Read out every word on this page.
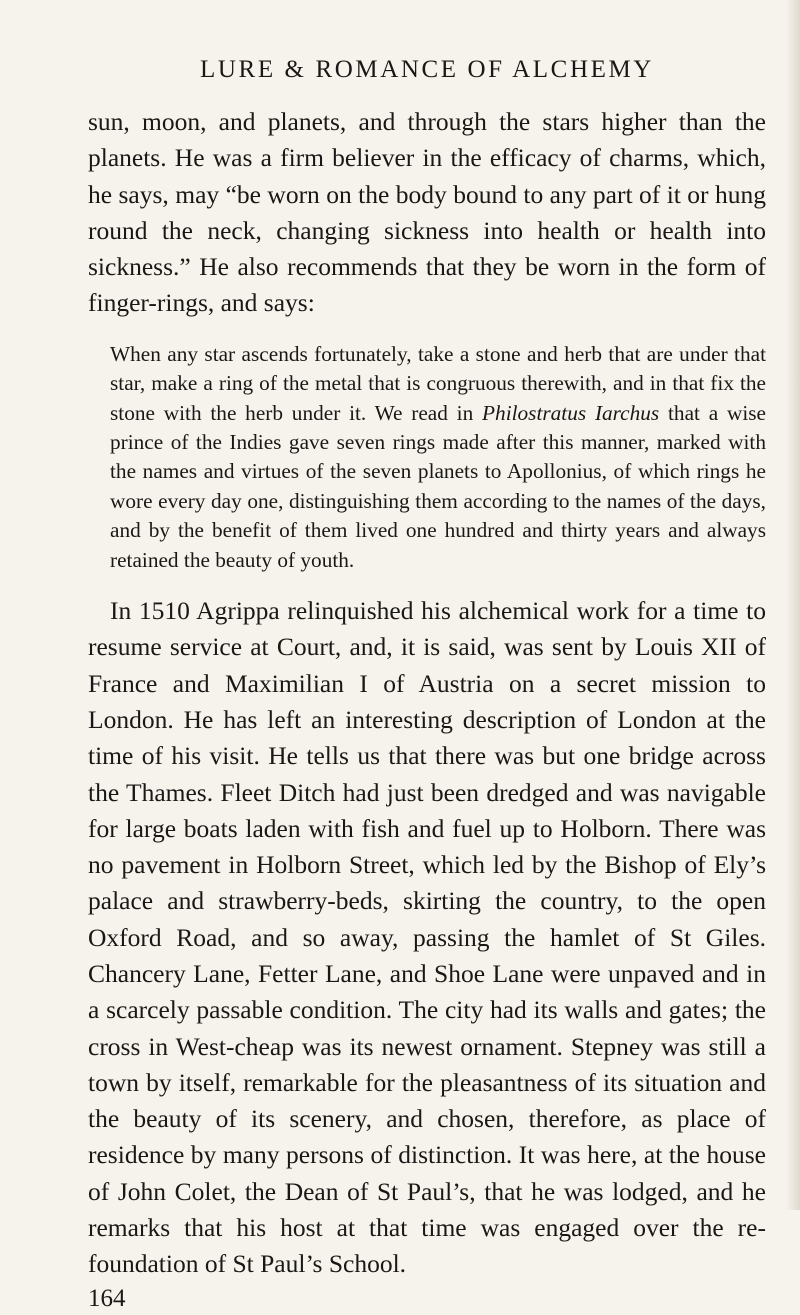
LURE & ROMANCE OF ALCHEMY

sun, moon, and planets, and through the stars higher than the planets. He was a firm believer in the efficacy of charms, which, he says, may “be worn on the body bound to any part of it or hung round the neck, changing sickness into health or health into sickness.” He also recommends that they be worn in the form of finger-rings, and says:

When any star ascends fortunately, take a stone and herb that are under that star, make a ring of the metal that is congruous therewith, and in that fix the stone with the herb under it. We read in Philostratus Iarchus that a wise prince of the Indies gave seven rings made after this manner, marked with the names and virtues of the seven planets to Apollonius, of which rings he wore every day one, distinguishing them according to the names of the days, and by the benefit of them lived one hundred and thirty years and always retained the beauty of youth.

In 1510 Agrippa relinquished his alchemical work for a time to resume service at Court, and, it is said, was sent by Louis XII of France and Maximilian I of Austria on a secret mission to London. He has left an interesting description of London at the time of his visit. He tells us that there was but one bridge across the Thames. Fleet Ditch had just been dredged and was navigable for large boats laden with fish and fuel up to Holborn. There was no pavement in Holborn Street, which led by the Bishop of Ely’s palace and strawberry-beds, skirting the country, to the open Oxford Road, and so away, passing the hamlet of St Giles. Chancery Lane, Fetter Lane, and Shoe Lane were unpaved and in a scarcely passable condition. The city had its walls and gates; the cross in West-cheap was its newest ornament. Stepney was still a town by itself, remarkable for the pleasantness of its situation and the beauty of its scenery, and chosen, therefore, as place of residence by many persons of distinction. It was here, at the house of John Colet, the Dean of St Paul’s, that he was lodged, and he remarks that his host at that time was engaged over the re-foundation of St Paul’s School.

164
